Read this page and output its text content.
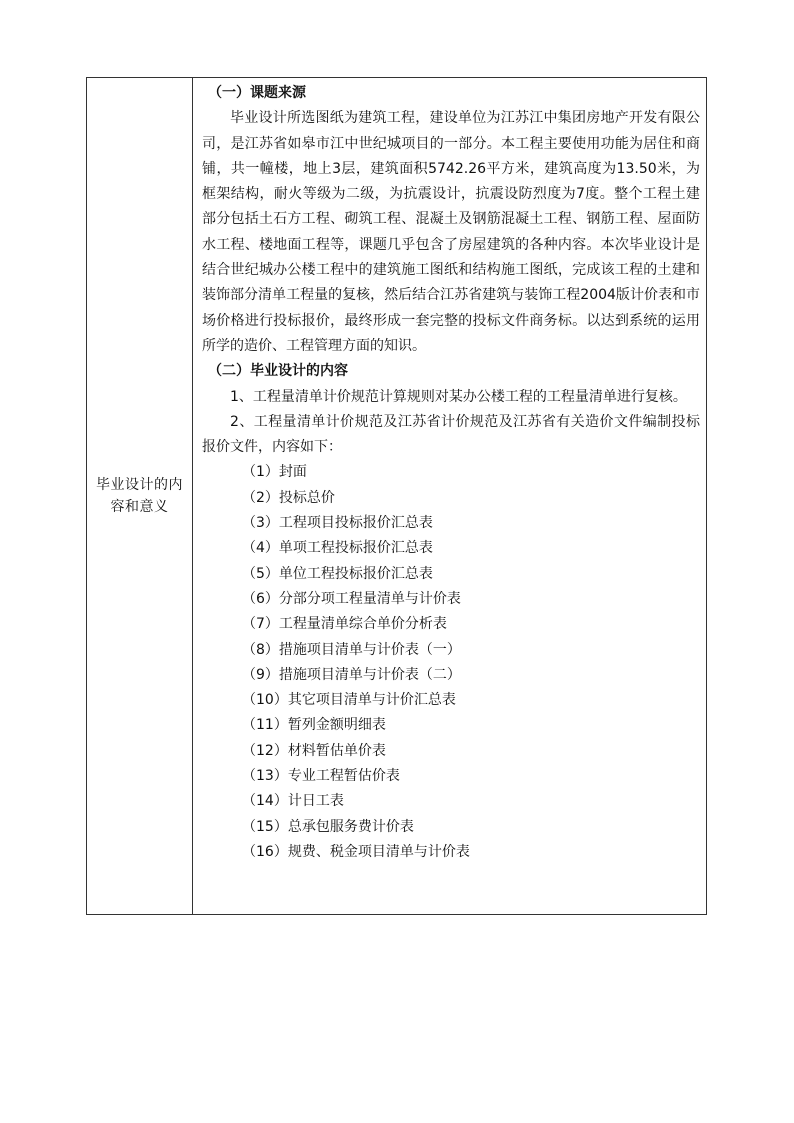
毕业设计的内容和意义

（一）课题来源

毕业设计所选图纸为建筑工程，建设单位为江苏江中集团房地产开发有限公司，是江苏省如皋市江中世纪城项目的一部分。本工程主要使用功能为居住和商铺，共一幢楼，地上3层，建筑面积5742.26平方米，建筑高度为13.50米，为框架结构，耐火等级为二级，为抗震设计，抗震设防烈度为7度。整个工程土建部分包括土石方工程、砌筑工程、混凝土及钢筋混凝土工程、钢筋工程、屋面防水工程、楼地面工程等，课题几乎包含了房屋建筑的各种内容。本次毕业设计是结合世纪城办公楼工程中的建筑施工图纸和结构施工图纸，完成该工程的土建和装饰部分清单工程量的复核，然后结合江苏省建筑与装饰工程2004版计价表和市场价格进行投标报价，最终形成一套完整的投标文件商务标。以达到系统的运用所学的造价、工程管理方面的知识。

（二）毕业设计的内容

1、工程量清单计价规范计算规则对某办公楼工程的工程量清单进行复核。

2、工程量清单计价规范及江苏省计价规范及江苏省有关造价文件编制投标报价文件，内容如下：

（1）封面
（2）投标总价
（3）工程项目投标报价汇总表
（4）单项工程投标报价汇总表
（5）单位工程投标报价汇总表
（6）分部分项工程量清单与计价表
（7）工程量清单综合单价分析表
（8）措施项目清单与计价表（一）
（9）措施项目清单与计价表（二）
（10）其它项目清单与计价汇总表
（11）暂列金额明细表
（12）材料暂估单价表
（13）专业工程暂估价表
（14）计日工表
（15）总承包服务费计价表
（16）规费、税金项目清单与计价表
